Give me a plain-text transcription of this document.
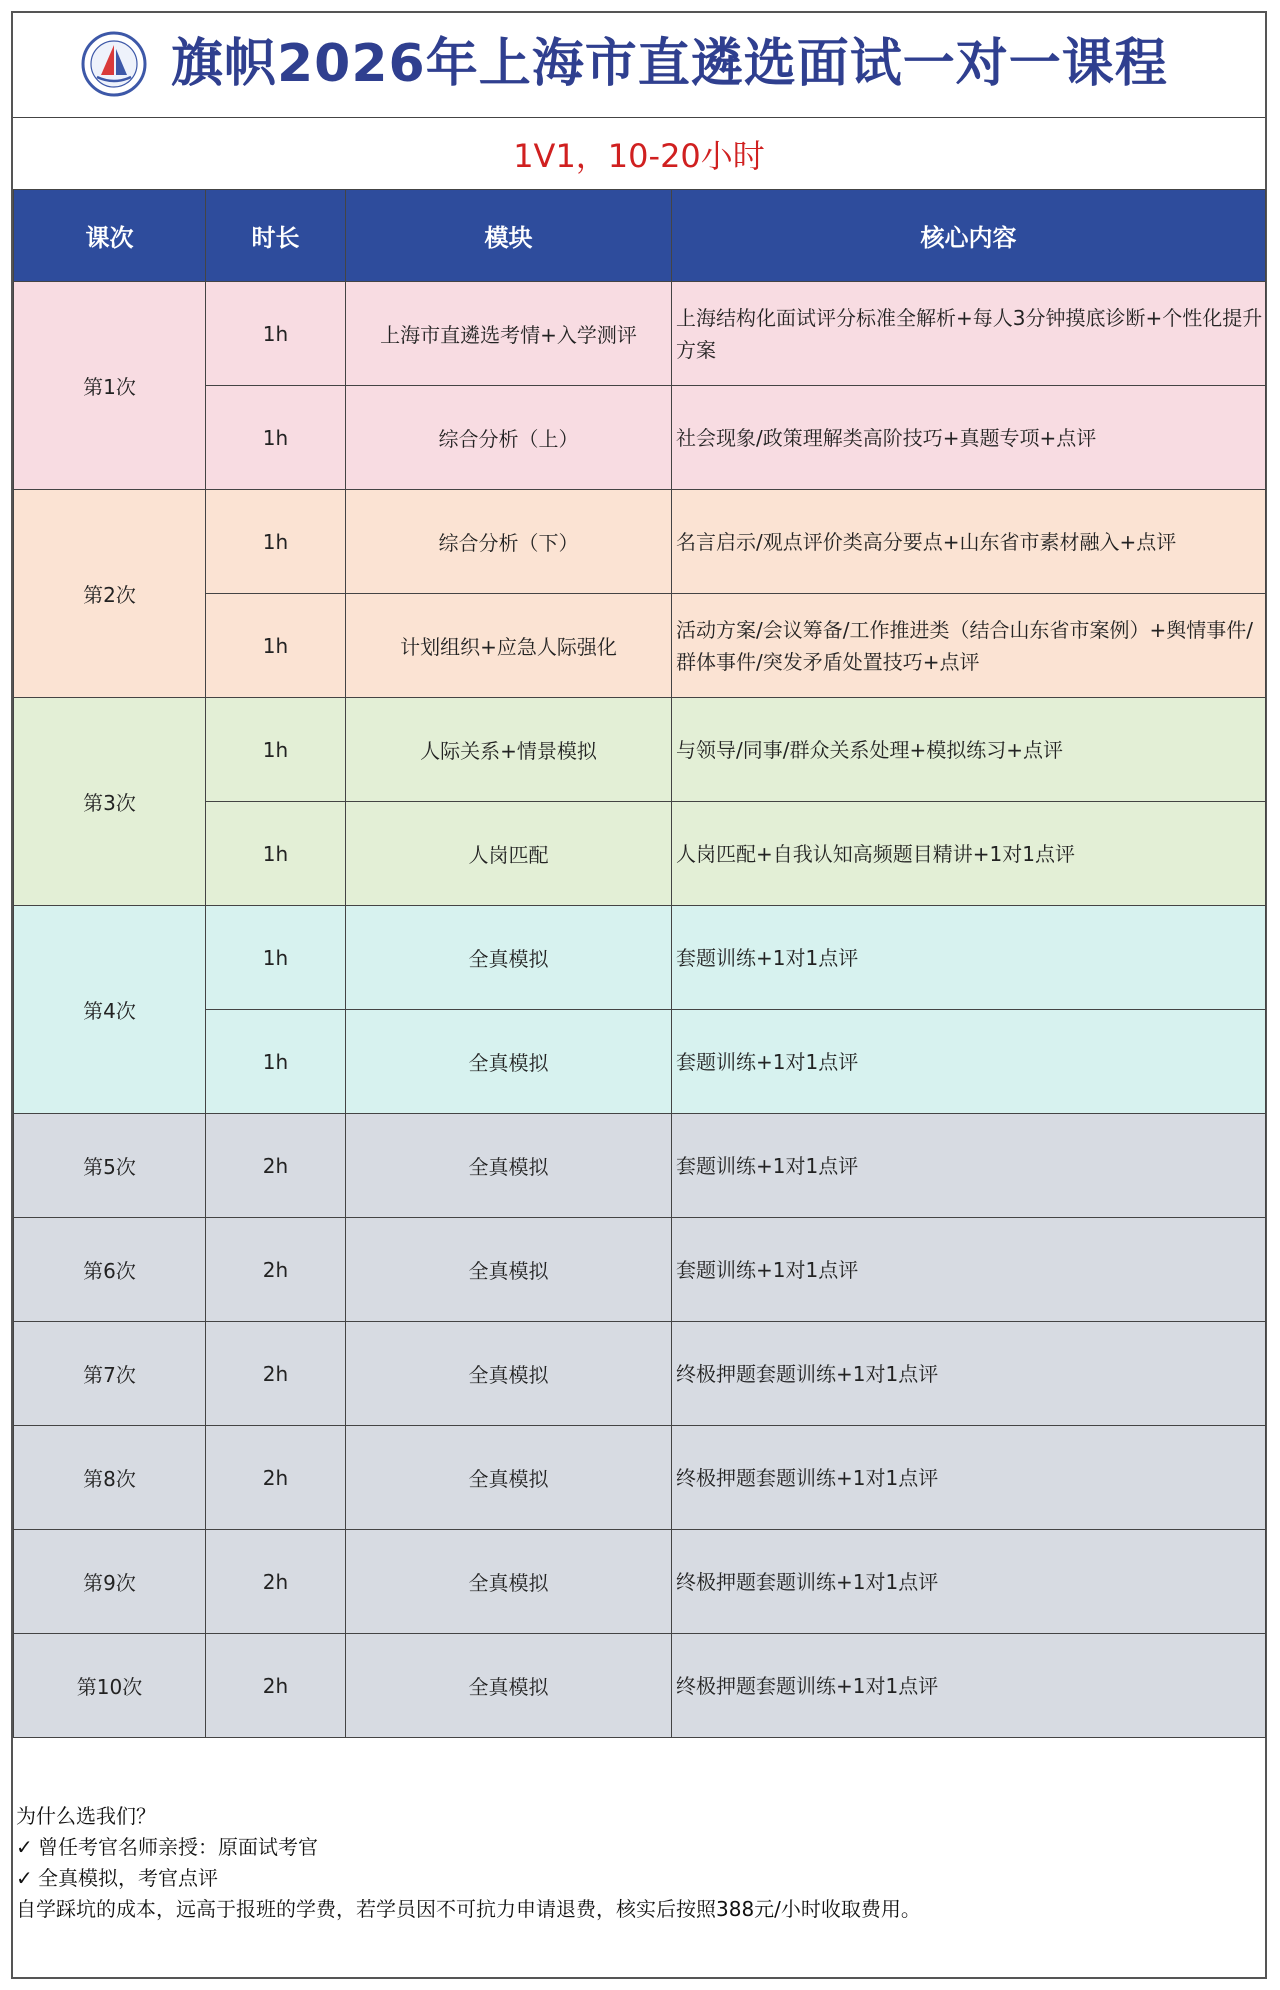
旗帜2026年上海市直遴选面试一对一课程
1V1，10-20小时
课次	时长	模块	核心内容
第1次	1h	上海市直遴选考情+入学测评	上海结构化面试评分标准全解析+每人3分钟摸底诊断+个性化提升方案
	1h	综合分析（上）	社会现象/政策理解类高阶技巧+真题专项+点评
第2次	1h	综合分析（下）	名言启示/观点评价类高分要点+山东省市素材融入+点评
	1h	计划组织+应急人际强化	活动方案/会议筹备/工作推进类（结合山东省市案例）+舆情事件/群体事件/突发矛盾处置技巧+点评
第3次	1h	人际关系+情景模拟	与领导/同事/群众关系处理+模拟练习+点评
	1h	人岗匹配	人岗匹配+自我认知高频题目精讲+1对1点评
第4次	1h	全真模拟	套题训练+1对1点评
	1h	全真模拟	套题训练+1对1点评
第5次	2h	全真模拟	套题训练+1对1点评
第6次	2h	全真模拟	套题训练+1对1点评
第7次	2h	全真模拟	终极押题套题训练+1对1点评
第8次	2h	全真模拟	终极押题套题训练+1对1点评
第9次	2h	全真模拟	终极押题套题训练+1对1点评
第10次	2h	全真模拟	终极押题套题训练+1对1点评
为什么选我们？
✓ 曾任考官名师亲授：原面试考官
✓ 全真模拟，考官点评
自学踩坑的成本，远高于报班的学费，若学员因不可抗力申请退费，核实后按照388元/小时收取费用。
